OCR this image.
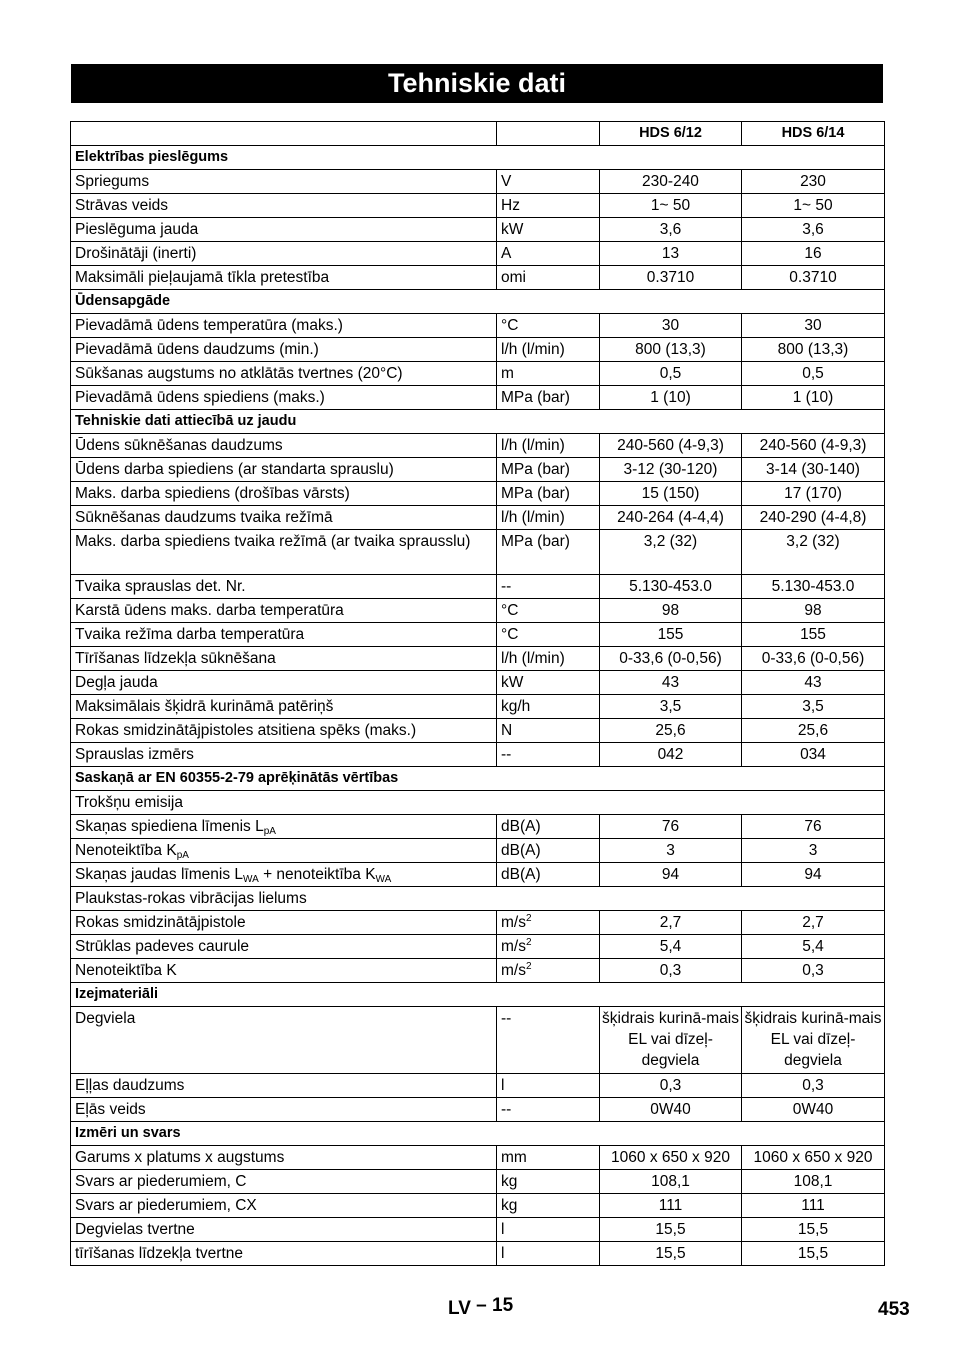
Tehniskie dati
		HDS 6/12	HDS 6/14
Elektrības pieslēgums			
Spriegums	V	230-240	230
Strāvas veids	Hz	1~ 50	1~ 50
Pieslēguma jauda	kW	3,6	3,6
Drošinātāji (inerti)	A	13	16
Maksimāli pieļaujamā tīkla pretestība	omi	0.3710	0.3710
Ūdensapgāde			
Pievadāmā ūdens temperatūra (maks.)	°C	30	30
Pievadāmā ūdens daudzums (min.)	l/h (l/min)	800 (13,3)	800 (13,3)
Sūkšanas augstums no atklātās tvertnes (20°C)	m	0,5	0,5
Pievadāmā ūdens spiediens (maks.)	MPa (bar)	1 (10)	1 (10)
Tehniskie dati attiecībā uz jaudu			
Ūdens sūknēšanas daudzums	l/h (l/min)	240-560 (4-9,3)	240-560 (4-9,3)
Ūdens darba spiediens (ar standarta sprauslu)	MPa (bar)	3-12 (30-120)	3-14 (30-140)
Maks. darba spiediens (drošības vārsts)	MPa (bar)	15 (150)	17 (170)
Sūknēšanas daudzums tvaika režīmā	l/h (l/min)	240-264 (4-4,4)	240-290 (4-4,8)
Maks. darba spiediens tvaika režīmā (ar tvaika sprausslu)	MPa (bar)	3,2 (32)	3,2 (32)
Tvaika sprauslas det. Nr.	--	5.130-453.0	5.130-453.0
Karstā ūdens maks. darba temperatūra	°C	98	98
Tvaika režīma darba temperatūra	°C	155	155
Tīrīšanas līdzekļa sūknēšana	l/h (l/min)	0-33,6 (0-0,56)	0-33,6 (0-0,56)
Degļa jauda	kW	43	43
Maksimālais šķidrā kurināmā patēriņš	kg/h	3,5	3,5
Rokas smidzinātājpistoles atsitiena spēks (maks.)	N	25,6	25,6
Sprauslas izmērs	--	042	034
Saskaņā ar EN 60355-2-79 aprēķinātās vērtības			
Trokšņu emisija			
Skaņas spiediena līmenis $L_{pA}$	dB(A)	76	76
Nenoteiktība $K_{pA}$	dB(A)	3	3
Skaņas jaudas līmenis $L_{WA}$ + nenoteiktība $K_{WA}$	dB(A)	94	94
Plaukstas-rokas vibrācijas lielums			
Rokas smidzinātājpistole	$m/s^2$	2,7	2,7
Strūklas padeves caurule	$m/s^2$	5,4	5,4
Nenoteiktība K	$m/s^2$	0,3	0,3
Izejmateriāli			
Degviela	--	šķidrais kurinā-mais EL vai dīzeļ-degviela	šķidrais kurinā-mais EL vai dīzeļ-degviela
Eļļas daudzums	l	0,3	0,3
Eļās veids	--	0W40	0W40
Izmēri un svars			
Garums x platums x augstums	mm	1060 x 650 x 920	1060 x 650 x 920
Svars ar piederumiem, C	kg	108,1	108,1
Svars ar piederumiem, CX	kg	111	111
Degvielas tvertne	l	15,5	15,5
tīrīšanas līdzekļa tvertne	l	15,5	15,5
LV – 15	453
